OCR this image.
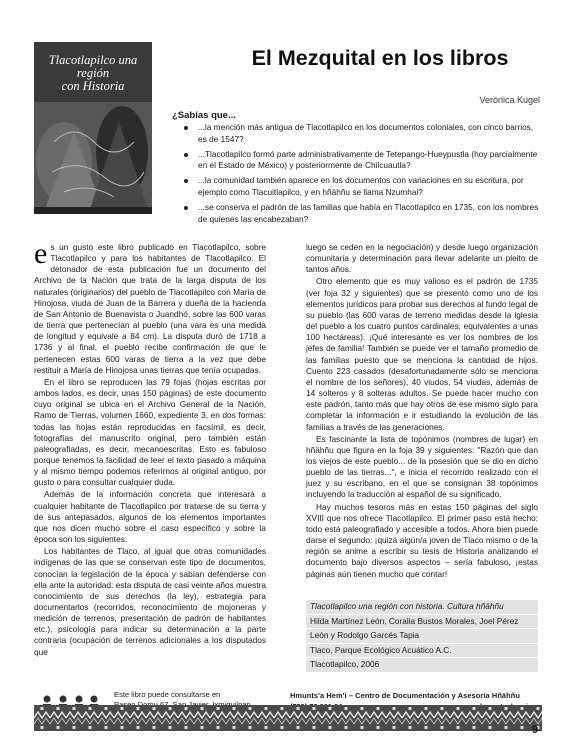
Tlacotlapilco una
región
con Historia
El Mezquital en los libros
Verónica Kugel
¿Sabías que...
...la mención más antigua de Tlacotlapilco en los documentos coloniales, con cinco barrios, es de 1547?
...Tlacotlapilco formó parte administrativamente de Tetepango-Hueypustla (hoy parcialmente en el Estado de México) y posteriormente de Chilcuautla?
...la comunidad también aparece en los documentos con variaciones en su escritura, por ejemplo como Tlacuitlapilco, y en hñähñu se llama Nzumhai?
...se conserva el padrón de las familias que había en Tlacotlapilco en 1735, con los nombres de quienes las encabezaban?

es un gusto este libro publicado en Tlacotlapilco, sobre Tlacotlapilco y para los habitantes de Tlacotlapilco. El detonador de esta publicación fue un documento del Archivo de la Nación que trata de la larga disputa de los naturales (originarios) del pueblo de Tlacotlapilco con María de Hinojosa, viuda de Juan de la Barrera y dueña de la hacienda de San Antonio de Buenavista o Juandhó, sobre las 600 varas de tierra que pertenecían al pueblo (una vara es una medida de longitud y equivale a 84 cm). La disputa duró de 1718 a 1736 y al final, el pueblo recibe confirmación de que le pertenecen estas 600 varas de tierra a la vez que debe restituir a María de Hinojosa unas tierras que tenía ocupadas.

En el libro se reproducen las 79 fojas (hojas escritas por ambos lados, es decir, unas 150 páginas) de este documento cuyo original se ubica en el Archivo General de la Nación, Ramo de Tierras, volumen 1660, expediente 3, en dos formas: todas las hojas están reproducidas en facsímil, es decir, fotografías del manuscrito original, pero también están paleografiadas, es decir, mecanoescritas. Esto es fabuloso porque tenemos la facilidad de leer el texto pasado a máquina y al mismo tiempo podemos referirnos al original antiguo, por gusto o para consultar cualquier duda.

Además de la información concreta que interesará a cualquier habitante de Tlacotlapilco por tratarse de su tierra y de sus antepasados, algunos de los elementos importantes que nos dicen mucho sobre el caso específico y sobre la época son los siguientes:

Los habitantes de Tlaco, al igual que otras comunidades indígenas de las que se conservan este tipo de documentos, conocían la legislación de la época y sabían defenderse con ella ante la autoridad: esta disputa de casi veinte años muestra conocimiento de sus derechos (la ley), estrategia para documentarlos (recorridos, reconocimiento de mojoneras y medición de terrenos, presentación de padrón de habitantes etc.), psicología para indicar su determinación a la parte contraria (ocupación de terrenos adicionales a los disputados que

luego se ceden en la negociación) y desde luego organización comunitaria y determinación para llevar adelante un pleito de tantos años.

Otro elemento que es muy valioso es el padrón de 1735 (ver foja 32 y siguientes) que se presentó como uno de los elementos jurídicos para probar sus derechos al fundo legal de su pueblo (las 600 varas de terreno medidas desde la iglesia del pueblo a los cuatro puntos cardinales, equivalentes a unas 100 hectáreas). ¡Qué interesante es ver los nombres de los jefes de familia! También se puede ver el tamaño promedio de las familias puesto que se menciona la cantidad de hijos. Cuento 223 casados (desafortunadamente sólo se menciona el nombre de los señores), 40 viudos, 54 viudas, además de 14 solteros y 8 solteras adultos. Se puede hacer mucho con este padrón, tanto más que hay otros de ese mismo siglo para completar la información e ir estudiando la evolución de las familias a través de las generaciones.

Es fascinante la lista de topónimos (nombres de lugar) en hñähñu que figura en la foja 39 y siguientes: "Razón que dan los viejos de este pueblo... de la posesión que se dio en dicho pueblo de las tierras...", e inicia el recorrido realizado con el juez y su escribano, en el que se consignan 38 topónimos incluyendo la traducción al español de su significado.

Hay muchos tesoros más en estas 150 páginas del siglo XVIII que nos ofrece Tlacotlapilco. El primer paso está hecho: todo está paleografiado y accesible a todos. Ahora bien puede darse el segundo: ¡quizá algún/a joven de Tlaco mismo o de la región se anime a escribir su tesis de Historia analizando el documento bajo diversos aspectos – sería fabuloso, ¡estas páginas aún tienen mucho que contar!

Tlacotlapilco una región con historia. Cultura hñähñu
Hilda Martínez León, Coralia Bustos Morales, Joel Pérez
León y Rodolgo Garcés Tapia
Tlaco, Parque Ecológico Acuático A.C.
Tlacotlapilco, 2006
Este libro puede consultarse en	Hmunts'a Hem'i – Centro de Documentación y Asesoría Hñähñu
9
